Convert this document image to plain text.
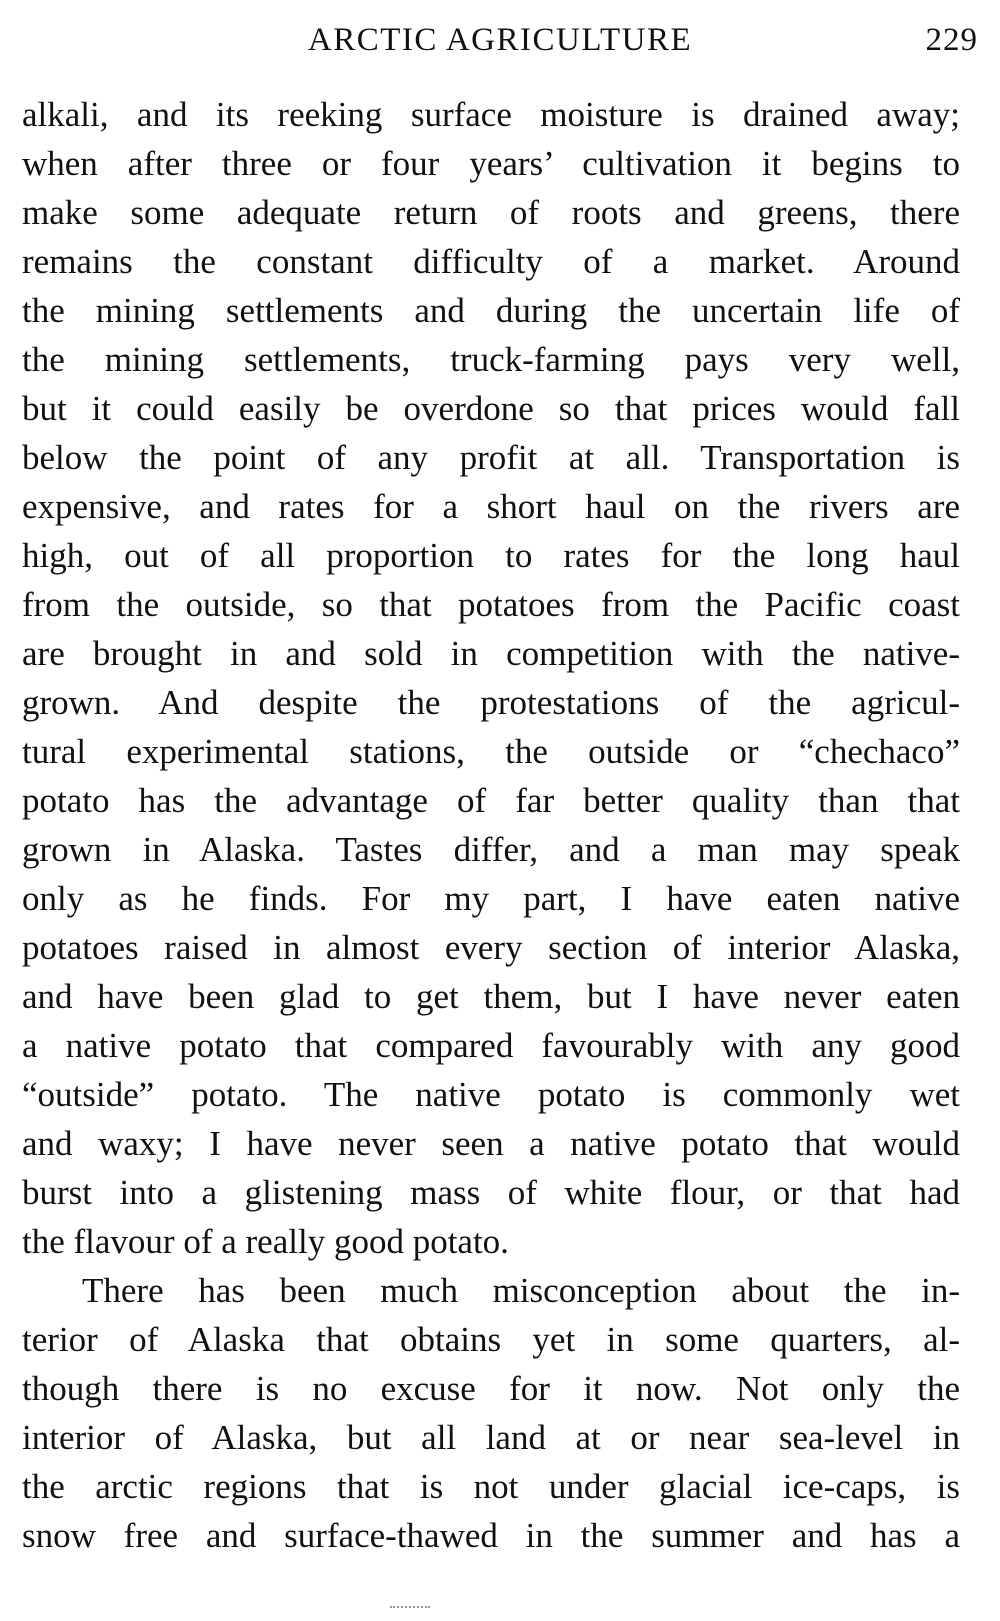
ARCTIC AGRICULTURE	229
alkali, and its reeking surface moisture is drained away;
when after three or four years’ cultivation it begins to
make some adequate return of roots and greens, there
remains the constant difficulty of a market. Around
the mining settlements and during the uncertain life of
the mining settlements, truck-farming pays very well,
but it could easily be overdone so that prices would fall
below the point of any profit at all. Transportation is
expensive, and rates for a short haul on the rivers are
high, out of all proportion to rates for the long haul
from the outside, so that potatoes from the Pacific coast
are brought in and sold in competition with the native-
grown. And despite the protestations of the agricul-
tural experimental stations, the outside or “chechaco”
potato has the advantage of far better quality than that
grown in Alaska. Tastes differ, and a man may speak
only as he finds. For my part, I have eaten native
potatoes raised in almost every section of interior Alaska,
and have been glad to get them, but I have never eaten
a native potato that compared favourably with any good
“outside” potato. The native potato is commonly wet
and waxy; I have never seen a native potato that would
burst into a glistening mass of white flour, or that had
the flavour of a really good potato.
There has been much misconception about the in-
terior of Alaska that obtains yet in some quarters, al-
though there is no excuse for it now. Not only the
interior of Alaska, but all land at or near sea-level in
the arctic regions that is not under glacial ice-caps, is
snow free and surface-thawed in the summer and has a
